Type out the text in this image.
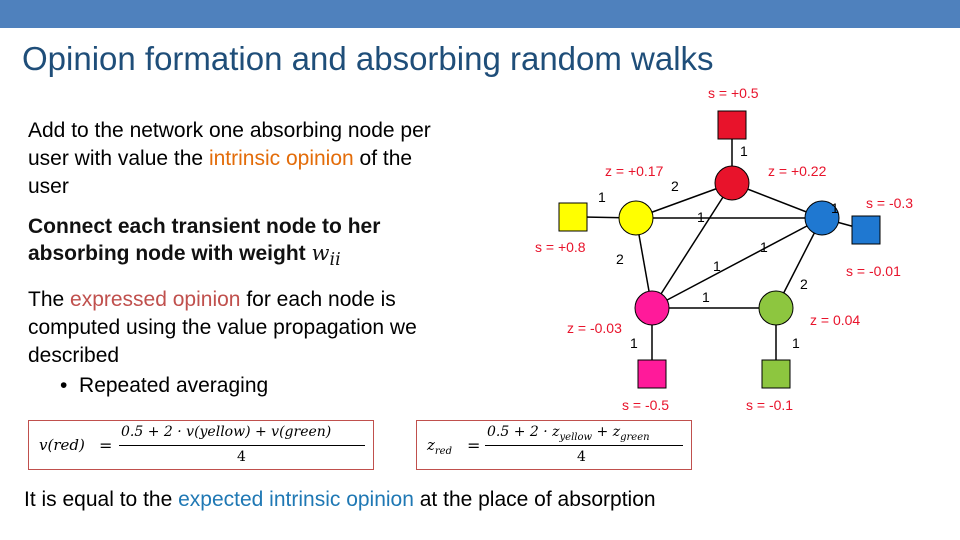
Opinion formation and absorbing random walks
Add to the network one absorbing node per
user with value the intrinsic opinion of the
user
Connect each transient node to her
absorbing node with weight $w_{ii}$
The expressed opinion for each node is
computed using the value propagation we
described
• Repeated averaging
v(red) =
0.5 + 2 · v(yellow) + v(green)
4
$z_{red}$ =
$0.5 + 2 \cdot z_{yellow} + z_{green}$
4
s = +0.5
s = +0.8
s = -0.3
s = -0.01
s = -0.5	s = -0.1
z = +0.17	z = +0.22
z = -0.03	z = 0.04
1
2
1
1
1
1
2	1
1
2
1	1
It is equal to the expected intrinsic opinion at the place of absorption
